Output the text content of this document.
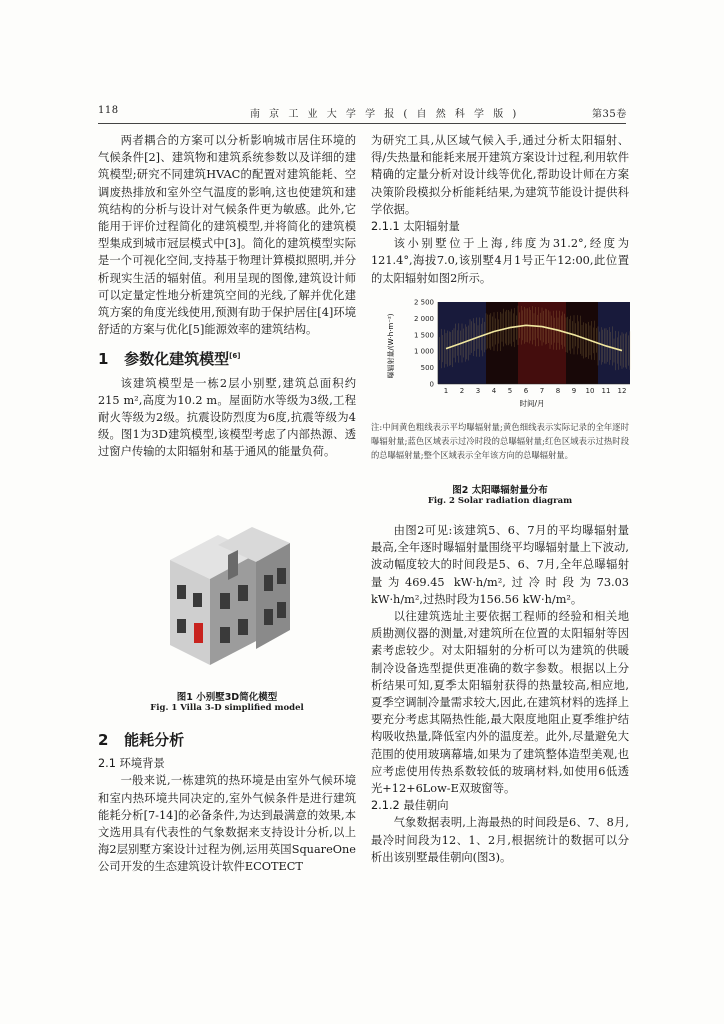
118	南 京 工 业 大 学 学 报 ( 自 然 科 学 版 )	第35卷

两者耦合的方案可以分析影响城市居住环境的气候条件[2]、建筑物和建筑系统参数以及详细的建筑模型;研究不同建筑HVAC的配置对建筑能耗、空调废热排放和室外空气温度的影响,这也使建筑和建筑结构的分析与设计对气候条件更为敏感。此外,它能用于评价过程简化的建筑模型,并将简化的建筑模型集成到城市冠层模式中[3]。简化的建筑模型实际是一个可视化空间,支持基于物理计算模拟照明,并分析现实生活的辐射值。利用呈现的图像,建筑设计师可以定量定性地分析建筑空间的光线,了解并优化建筑方案的角度光线使用,预测有助于保护居住[4]环境舒适的方案与优化[5]能源效率的建筑结构。

1 参数化建筑模型[6]

该建筑模型是一栋2层小别墅,建筑总面积约215 m²,高度为10.2 m。屋面防水等级为3级,工程耐火等级为2级。抗震设防烈度为6度,抗震等级为4级。图1为3D建筑模型,该模型考虑了内部热源、透过窗户传输的太阳辐射和基于通风的能量负荷。

图1 小别墅3D简化模型
Fig. 1 Villa 3-D simplified model
2 能耗分析

2.1 环境背景

一般来说,一栋建筑的热环境是由室外气候环境和室内热环境共同决定的,室外气候条件是进行建筑能耗分析[7-14]的必备条件,为达到最满意的效果,本文选用具有代表性的气象数据来支持设计分析,以上海2层别墅方案设计过程为例,运用英国SquareOne公司开发的生态建筑设计软件ECOTECT

为研究工具,从区域气候入手,通过分析太阳辐射、得/失热量和能耗来展开建筑方案设计过程,利用软件精确的定量分析对设计线等优化,帮助设计师在方案决策阶段模拟分析能耗结果,为建筑节能设计提供科学依据。

2.1.1 太阳辐射量

该小别墅位于上海,纬度为31.2°,经度为121.4°,海拔7.0,该别墅4月1号正午12:00,此位置的太阳辐射如图2所示。

曝辐射量/(W·h·m⁻²)
时间/月
0
500
1 000
1 500
2 000
2 500
1 2 3 4 5 6 7 8 9 10 11 12
注:中间黄色粗线表示平均曝辐射量;黄色细线表示实际记录的全年逐时曝辐射量;蓝色区域表示过冷时段的总曝辐射量;红色区域表示过热时段的总曝辐射量;整个区域表示全年该方向的总曝辐射量。
图2 太阳曝辐射量分布
Fig. 2 Solar radiation diagram

由图2可见:该建筑5、6、7月的平均曝辐射量最高,全年逐时曝辐射量围绕平均曝辐射量上下波动,波动幅度较大的时间段是5、6、7月,全年总曝辐射量为469.45 kW·h/m²,过冷时段为73.03 kW·h/m²,过热时段为156.56 kW·h/m²。

以往建筑选址主要依据工程师的经验和相关地质勘测仪器的测量,对建筑所在位置的太阳辐射等因素考虑较少。对太阳辐射的分析可以为建筑的供暖制冷设备选型提供更准确的数字参数。根据以上分析结果可知,夏季太阳辐射获得的热量较高,相应地,夏季空调制冷量需求较大,因此,在建筑材料的选择上要充分考虑其隔热性能,最大限度地阻止夏季维护结构吸收热量,降低室内外的温度差。此外,尽量避免大范围的使用玻璃幕墙,如果为了建筑整体造型美观,也应考虑使用传热系数较低的玻璃材料,如使用6低透光+12+6Low-E双玻窗等。

2.1.2 最佳朝向

气象数据表明,上海最热的时间段是6、7、8月,最冷时间段为12、1、2月,根据统计的数据可以分析出该别墅最佳朝向(图3)。
